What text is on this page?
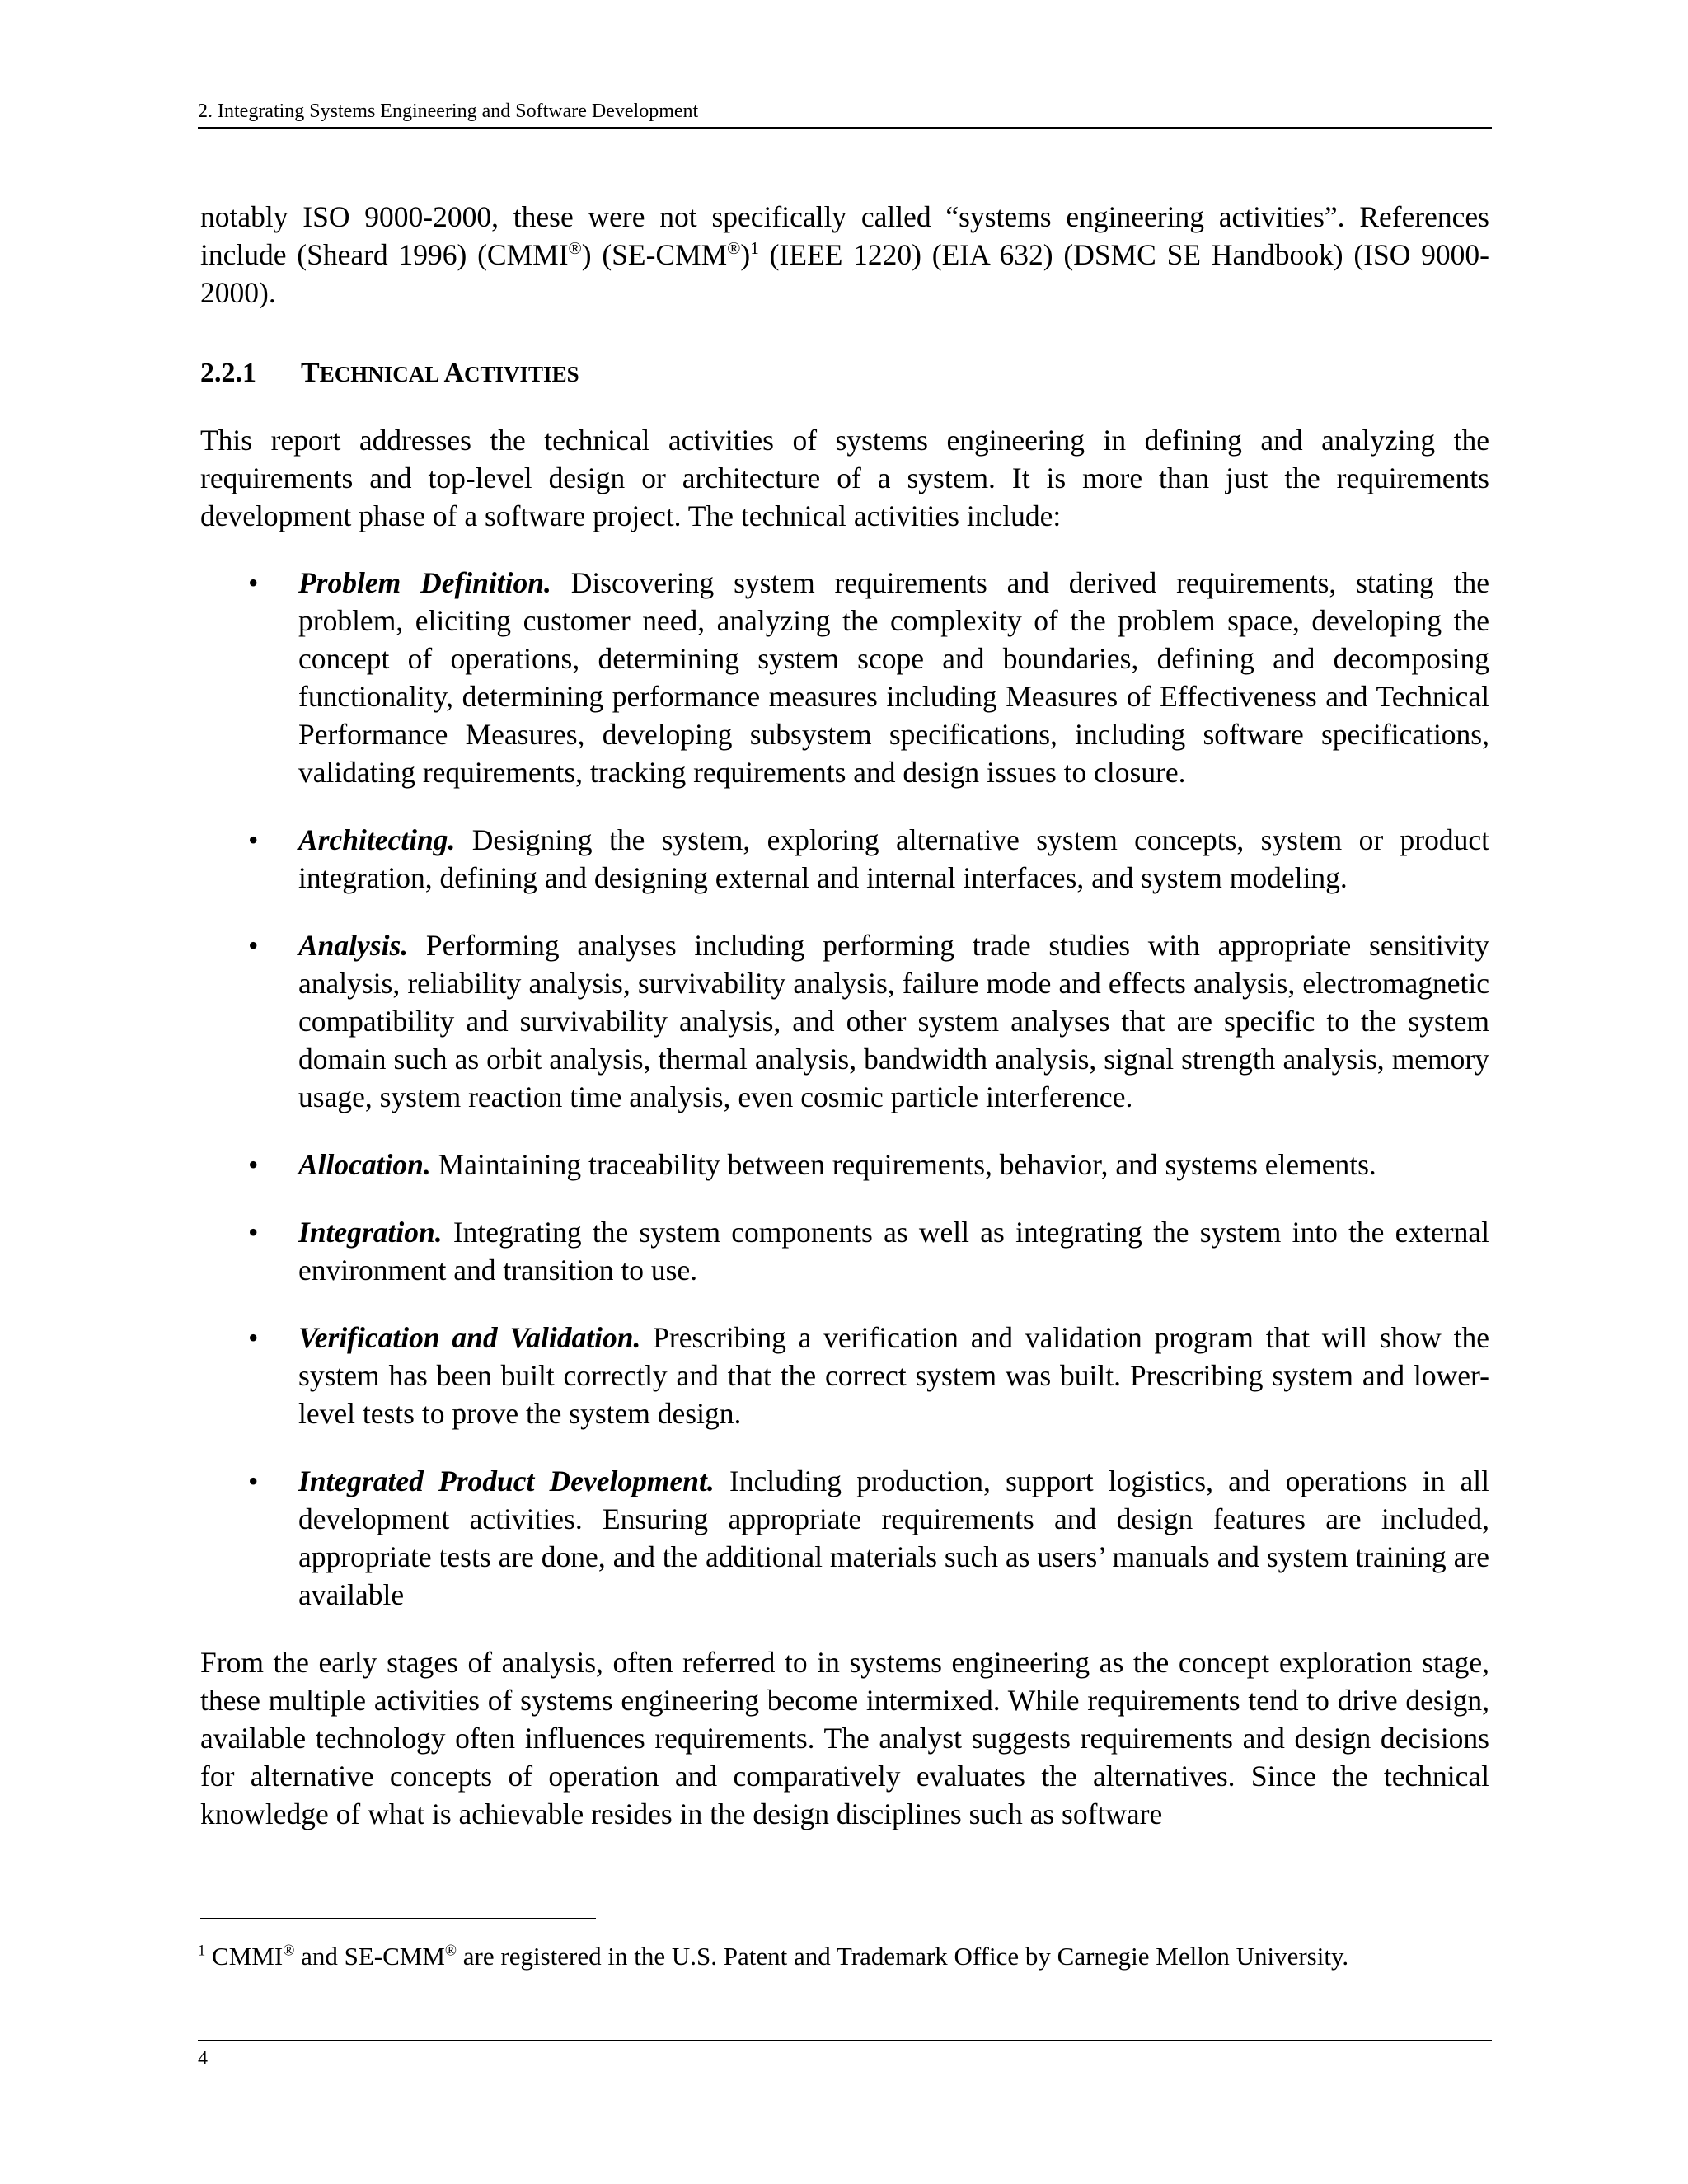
2. Integrating Systems Engineering and Software Development

notably ISO 9000-2000, these were not specifically called “systems engineering activities”. References include (Sheard 1996) (CMMI®) $(SE-CMM®)^1$ (IEEE 1220) (EIA 632) (DSMC SE Handbook) (ISO 9000-2000).

2.2.1 TECHNICAL ACTIVITIES

This report addresses the technical activities of systems engineering in defining and analyzing the requirements and top-level design or architecture of a system. It is more than just the requirements development phase of a software project. The technical activities include:

• Problem Definition. Discovering system requirements and derived requirements, stating the problem, eliciting customer need, analyzing the complexity of the problem space, developing the concept of operations, determining system scope and boundaries, defining and decomposing functionality, determining performance measures including Measures of Effectiveness and Technical Performance Measures, developing subsystem specifications, including software specifications, validating requirements, tracking requirements and design issues to closure.
• Architecting. Designing the system, exploring alternative system concepts, system or product integration, defining and designing external and internal interfaces, and system modeling.
• Analysis. Performing analyses including performing trade studies with appropriate sensitivity analysis, reliability analysis, survivability analysis, failure mode and effects analysis, electromagnetic compatibility and survivability analysis, and other system analyses that are specific to the system domain such as orbit analysis, thermal analysis, bandwidth analysis, signal strength analysis, memory usage, system reaction time analysis, even cosmic particle interference.
• Allocation. Maintaining traceability between requirements, behavior, and systems elements.
• Integration. Integrating the system components as well as integrating the system into the external environment and transition to use.
• Verification and Validation. Prescribing a verification and validation program that will show the system has been built correctly and that the correct system was built. Prescribing system and lower-level tests to prove the system design.
• Integrated Product Development. Including production, support logistics, and operations in all development activities. Ensuring appropriate requirements and design features are included, appropriate tests are done, and the additional materials such as users’ manuals and system training are available

From the early stages of analysis, often referred to in systems engineering as the concept exploration stage, these multiple activities of systems engineering become intermixed. While requirements tend to drive design, available technology often influences requirements. The analyst suggests requirements and design decisions for alternative concepts of operation and comparatively evaluates the alternatives. Since the technical knowledge of what is achievable resides in the design disciplines such as software

$^1$ CMMI® and SE-CMM® are registered in the U.S. Patent and Trademark Office by Carnegie Mellon University.
4
